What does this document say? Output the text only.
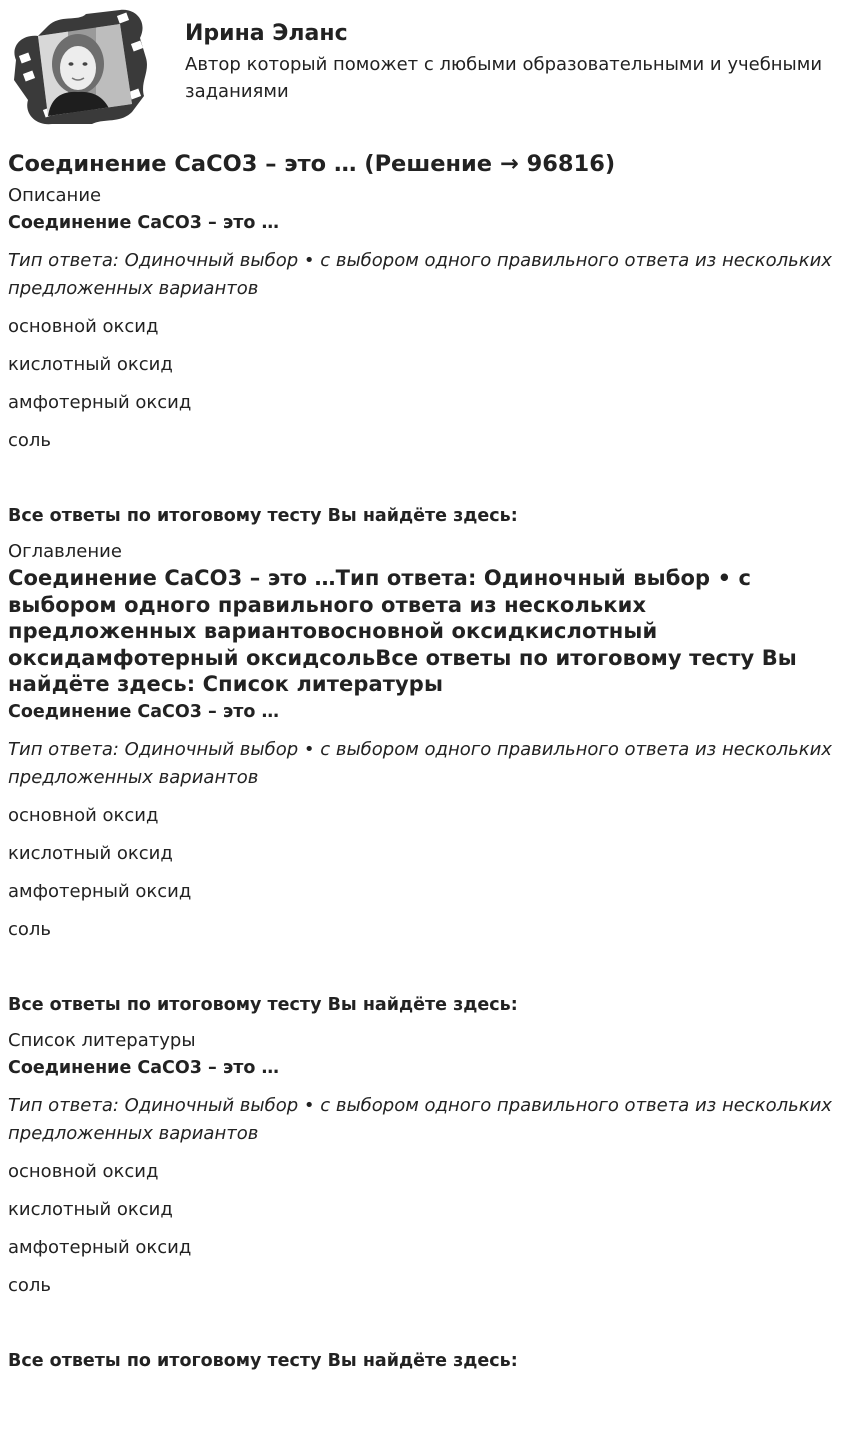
Ирина Эланс
Автор который поможет с любыми образовательными и учебными заданиями
Соединение CaCO3 – это … (Решение → 96816)

Описание

Соединение CaCO3 – это …

Тип ответа: Одиночный выбор • с выбором одного правильного ответа из нескольких предложенных вариантов

основной оксид

кислотный оксид

амфотерный оксид

соль

Все ответы по итоговому тесту Вы найдёте здесь:

Оглавление

Соединение CaCO3 – это …Тип ответа: Одиночный выбор • с выбором одного правильного ответа из нескольких предложенных вариантовосновной оксидкислотный оксидамфотерный оксидсольВсе ответы по итоговому тесту Вы найдёте здесь: Список литературы

Соединение CaCO3 – это …

Тип ответа: Одиночный выбор • с выбором одного правильного ответа из нескольких предложенных вариантов

основной оксид

кислотный оксид

амфотерный оксид

соль

Все ответы по итоговому тесту Вы найдёте здесь:

Список литературы

Соединение CaCO3 – это …

Тип ответа: Одиночный выбор • с выбором одного правильного ответа из нескольких предложенных вариантов

основной оксид

кислотный оксид

амфотерный оксид

соль

Все ответы по итоговому тесту Вы найдёте здесь:
